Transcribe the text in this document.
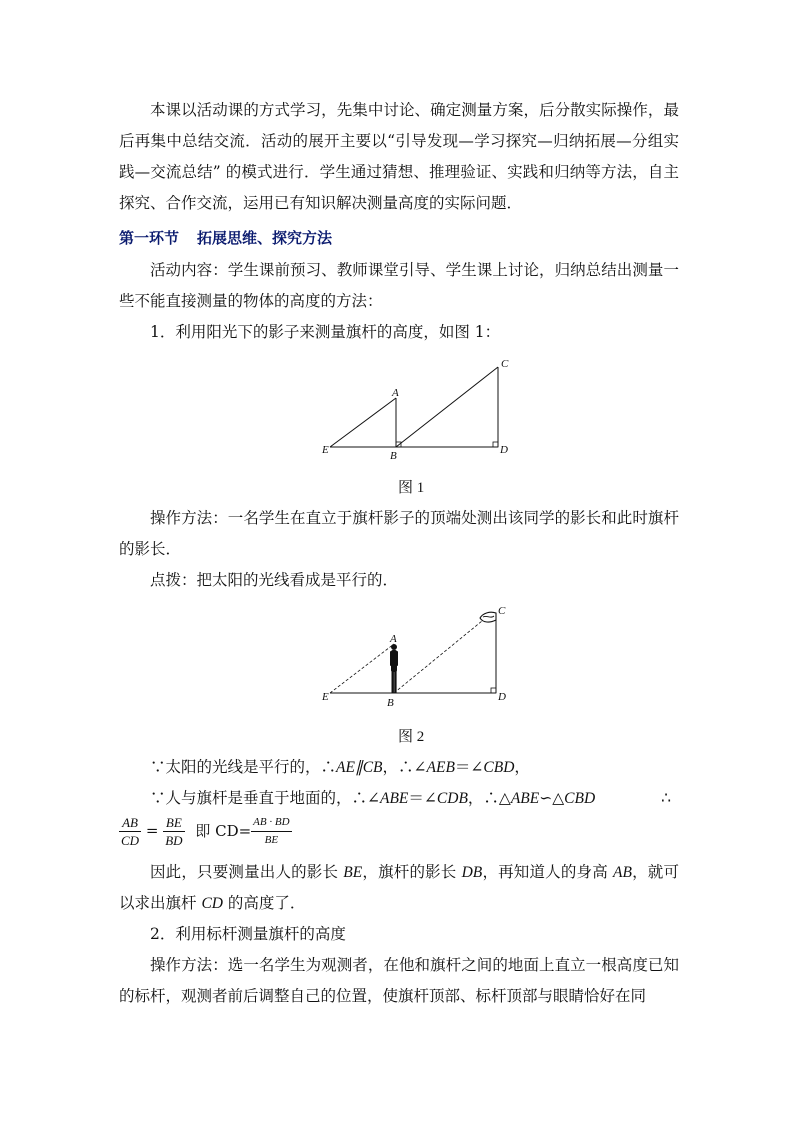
本课以活动课的方式学习，先集中讨论、确定测量方案，后分散实际操作，最后再集中总结交流．活动的展开主要以“引导发现—学习探究—归纳拓展—分组实践—交流总结” 的模式进行．学生通过猜想、推理验证、实践和归纳等方法，自主探究、合作交流，运用已有知识解决测量高度的实际问题．

第一环节 拓展思维、探究方法

活动内容：学生课前预习、教师课堂引导、学生课上讨论，归纳总结出测量一些不能直接测量的物体的高度的方法：

1．利用阳光下的影子来测量旗杆的高度，如图 1：

A
B
C
D
E
图 1

操作方法：一名学生在直立于旗杆影子的顶端处测出该同学的影长和此时旗杆的影长．

点拨：把太阳的光线看成是平行的．

A
B
C
D
E
图 2

∵太阳的光线是平行的，∴AE∥CB，∴∠AEB＝∠CBD，

∵人与旗杆是垂直于地面的，∴∠ABE＝∠CDB，∴△ABE∽△CBD	∴

$\frac{AB}{CD} = \frac{BE}{BD}$ 即 $CD= \frac{AB \cdot BD}{BE}$

因此，只要测量出人的影长 BE，旗杆的影长 DB，再知道人的身高 AB，就可以求出旗杆 CD 的高度了．

2．利用标杆测量旗杆的高度

操作方法：选一名学生为观测者，在他和旗杆之间的地面上直立一根高度已知的标杆，观测者前后调整自己的位置，使旗杆顶部、标杆顶部与眼睛恰好在同
